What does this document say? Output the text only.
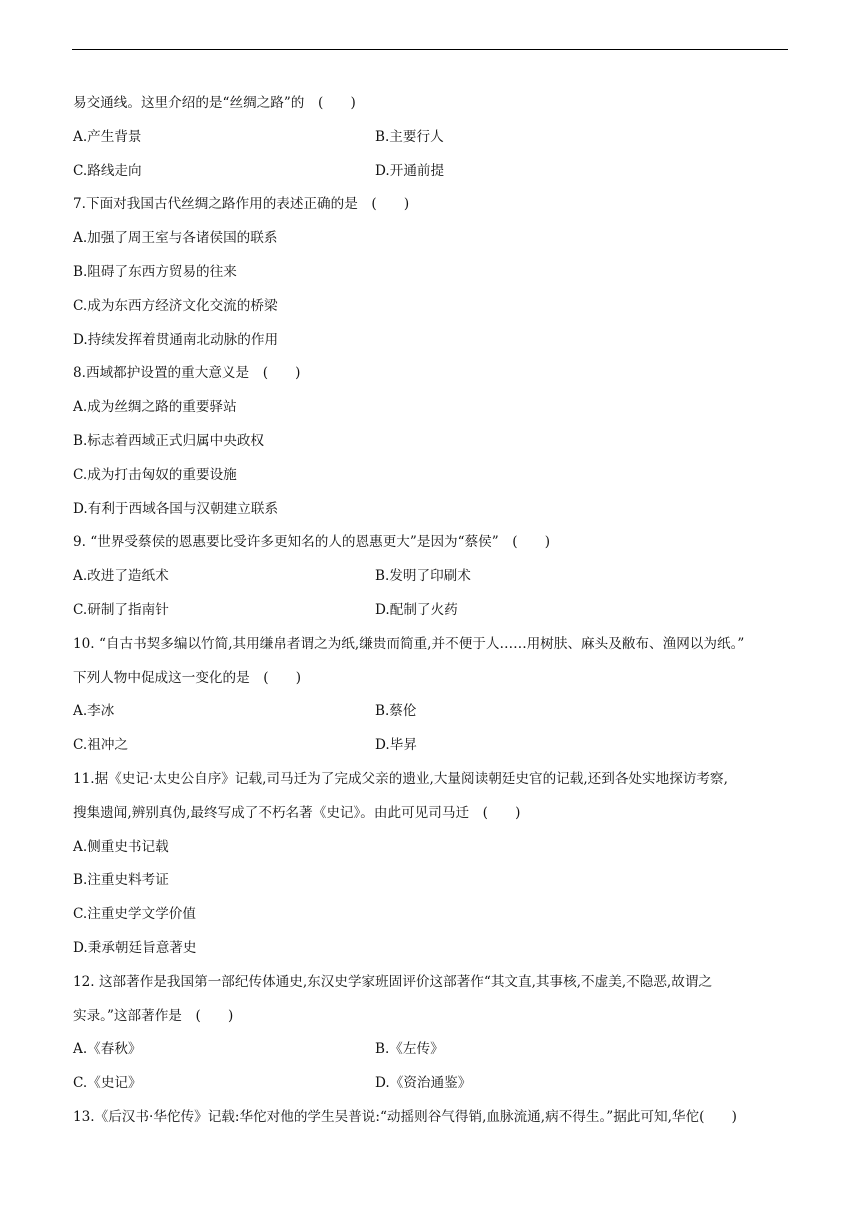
易交通线。这里介绍的是“丝绸之路”的　(　　)
A.产生背景	B.主要行人
C.路线走向	D.开通前提
7.下面对我国古代丝绸之路作用的表述正确的是　(　　)
A.加强了周王室与各诸侯国的联系
B.阻碍了东西方贸易的往来
C.成为东西方经济文化交流的桥梁
D.持续发挥着贯通南北动脉的作用
8.西域都护设置的重大意义是　(　　)
A.成为丝绸之路的重要驿站
B.标志着西域正式归属中央政权
C.成为打击匈奴的重要设施
D.有利于西域各国与汉朝建立联系
9. “世界受蔡侯的恩惠要比受许多更知名的人的恩惠更大”是因为“蔡侯”　(　　)
A.改进了造纸术	B.发明了印刷术
C.研制了指南针	D.配制了火药
10. “自古书契多编以竹简,其用缣帛者谓之为纸,缣贵而简重,并不便于人……用树肤、麻头及敝布、渔网以为纸。”
下列人物中促成这一变化的是　(　　)
A.李冰	B.蔡伦
C.祖冲之	D.毕昇
11.据《史记·太史公自序》记载,司马迁为了完成父亲的遗业,大量阅读朝廷史官的记载,还到各处实地探访考察,
搜集遗闻,辨别真伪,最终写成了不朽名著《史记》。由此可见司马迁　(　　)
A.侧重史书记载
B.注重史料考证
C.注重史学文学价值
D.秉承朝廷旨意著史
12. 这部著作是我国第一部纪传体通史,东汉史学家班固评价这部著作“其文直,其事核,不虚美,不隐恶,故谓之
实录。”这部著作是　(　　)
A.《春秋》	B.《左传》
C.《史记》	D.《资治通鉴》
13.《后汉书·华佗传》记载:华佗对他的学生吴普说:“动摇则谷气得销,血脉流通,病不得生。”据此可知,华佗(　　)
